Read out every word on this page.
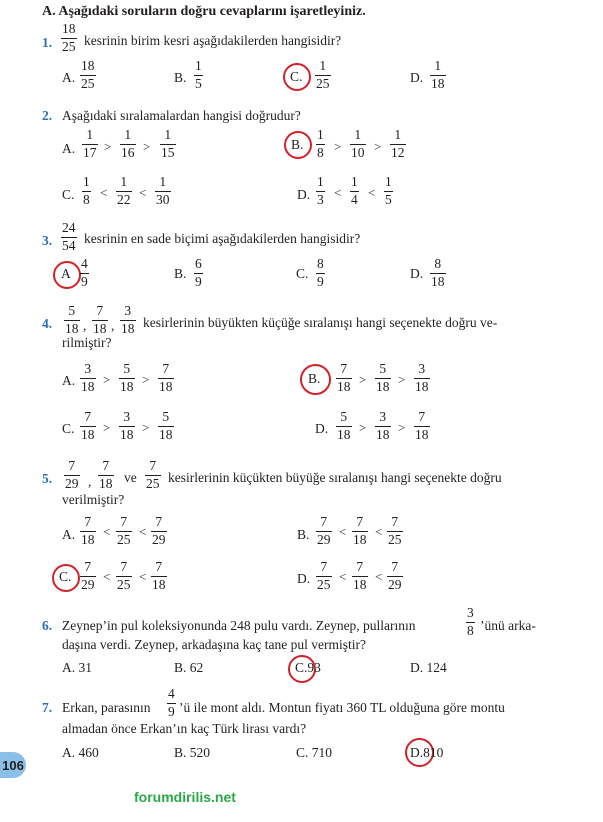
A. Aşağıdaki soruların doğru cevaplarını işaretleyiniz.
1.
18
25 kesrinin birim kesri aşağıdakilerden hangisidir?
A.
18
25	B.
1
5	C.
1
25	D.
1
18
2. Aşağıdaki sıralamalardan hangisi doğrudur?
A.
1
17 >
1
16 >
1
15	B.
1
8 >
1
10 >
1
12
C.
1
8 <
1
22 <
1
30	D.
1
3 <
1
4 <
1
5
3.
24
54 kesrinin en sade biçimi aşağıdakilerden hangisidir?
A
4
9	B.
6
9	C.
8
9	D.
8
18
4.
5
18 ,
7
18 ,
3
18 kesirlerinin büyükten küçüğe sıralanışı hangi seçenekte doğru ve-
rilmiştir?
A.
3
18 >
5
18 >
7
18	B.
7
18 >
5
18 >
3
18
C.
7
18 >
3
18 >
5
18	D.
5
18 >
3
18 >
7
18
5.
7
29 ,
7
18 ve
7
25 kesirlerinin küçükten büyüğe sıralanışı hangi seçenekte doğru
verilmiştir?
A.
7
18 <
7
25 <
7
29	B.
7
29 <
7
18 <
7
25
C.
7
29 <
7
25 <
7
18	D.
7
25 <
7
18 <
7
29
6. Zeynep’in pul koleksiyonunda 248 pulu vardı. Zeynep, pullarının
3
8 ’ünü arka-
daşına verdi. Zeynep, arkadaşına kaç tane pul vermiştir?
A. 31	B. 62	C.93	D. 124
7. Erkan, parasının
4
9 ’ü ile mont aldı. Montun fiyatı 360 TL olduğuna göre montu
almadan önce Erkan’ın kaç Türk lirası vardı?
A. 460	B. 520	C. 710	D.810
106
forumdirilis.net
